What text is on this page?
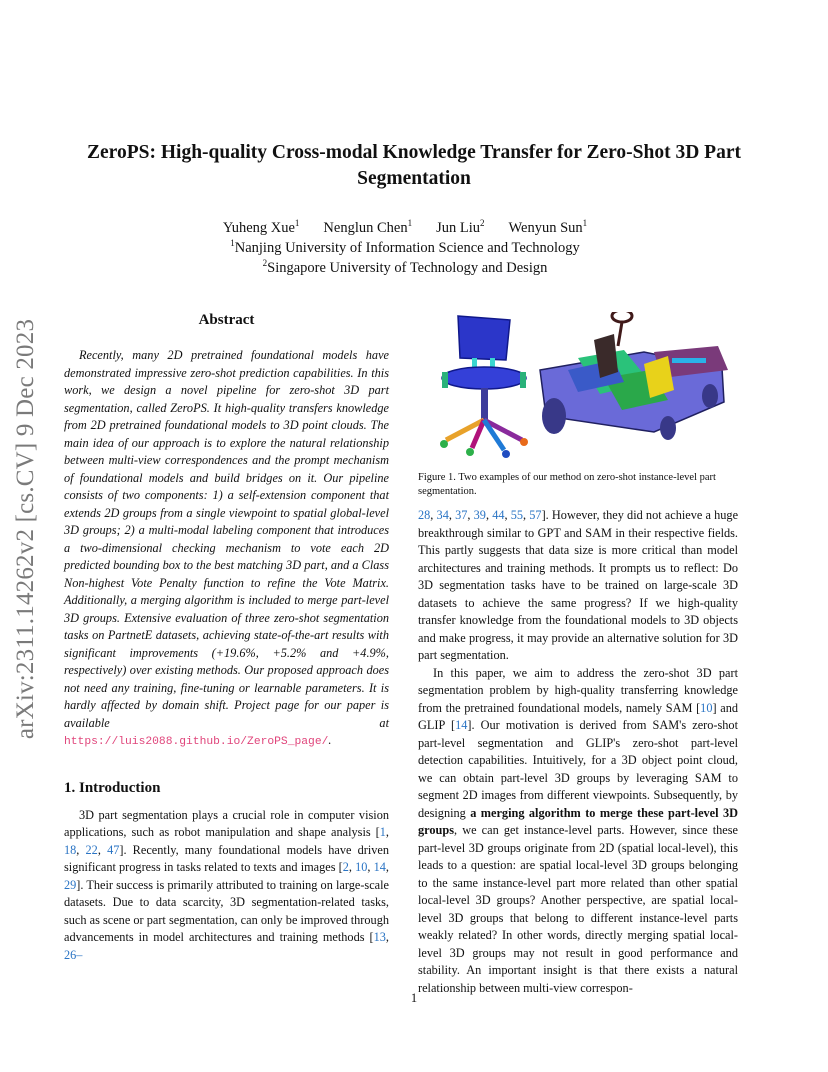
arXiv:2311.14262v2 [cs.CV] 9 Dec 2023
ZeroPS: High-quality Cross-modal Knowledge Transfer for Zero-Shot 3D Part Segmentation
Yuheng Xue$^1$ Nenglun Chen$^1$ Jun Liu$^2$ Wenyun Sun$^1$
$^1$Nanjing University of Information Science and Technology
$^2$Singapore University of Technology and Design
Abstract

Recently, many 2D pretrained foundational models have demonstrated impressive zero-shot prediction capabilities. In this work, we design a novel pipeline for zero-shot 3D part segmentation, called ZeroPS. It high-quality transfers knowledge from 2D pretrained foundational models to 3D point clouds. The main idea of our approach is to explore the natural relationship between multi-view correspondences and the prompt mechanism of foundational models and build bridges on it. Our pipeline consists of two components: 1) a self-extension component that extends 2D groups from a single viewpoint to spatial global-level 3D groups; 2) a multi-modal labeling component that introduces a two-dimensional checking mechanism to vote each 2D predicted bounding box to the best matching 3D part, and a Class Non-highest Vote Penalty function to refine the Vote Matrix. Additionally, a merging algorithm is included to merge part-level 3D groups. Extensive evaluation of three zero-shot segmentation tasks on PartnetE datasets, achieving state-of-the-art results with significant improvements (+19.6%, +5.2% and +4.9%, respectively) over existing methods. Our proposed approach does not need any training, fine-tuning or learnable parameters. It is hardly affected by domain shift. Project page for our paper is available at https://luis2088.github.io/ZeroPS_page/.

1. Introduction

3D part segmentation plays a crucial role in computer vision applications, such as robot manipulation and shape analysis [1, 18, 22, 47]. Recently, many foundational models have driven significant progress in tasks related to texts and images [2, 10, 14, 29]. Their success is primarily attributed to training on large-scale datasets. Due to data scarcity, 3D segmentation-related tasks, such as scene or part segmentation, can only be improved through advancements in model architectures and training methods [13, 26–

Figure 1. Two examples of our method on zero-shot instance-level part segmentation.

28, 34, 37, 39, 44, 55, 57]. However, they did not achieve a huge breakthrough similar to GPT and SAM in their respective fields. This partly suggests that data size is more critical than model architectures and training methods. It prompts us to reflect: Do 3D segmentation tasks have to be trained on large-scale 3D datasets to achieve the same progress? If we high-quality transfer knowledge from the foundational models to 3D objects and make progress, it may provide an alternative solution for 3D part segmentation.

In this paper, we aim to address the zero-shot 3D part segmentation problem by high-quality transferring knowledge from the pretrained foundational models, namely SAM [10] and GLIP [14]. Our motivation is derived from SAM's zero-shot part-level segmentation and GLIP's zero-shot part-level detection capabilities. Intuitively, for a 3D object point cloud, we can obtain part-level 3D groups by leveraging SAM to segment 2D images from different viewpoints. Subsequently, by designing a merging algorithm to merge these part-level 3D groups, we can get instance-level parts. However, since these part-level 3D groups originate from 2D (spatial local-level), this leads to a question: are spatial local-level 3D groups belonging to the same instance-level part more related than other spatial local-level 3D groups? Another perspective, are spatial local-level 3D groups that belong to different instance-level parts weakly related? In other words, directly merging spatial local-level 3D groups may not result in good performance and stability. An important insight is that there exists a natural relationship between multi-view correspon-

1
